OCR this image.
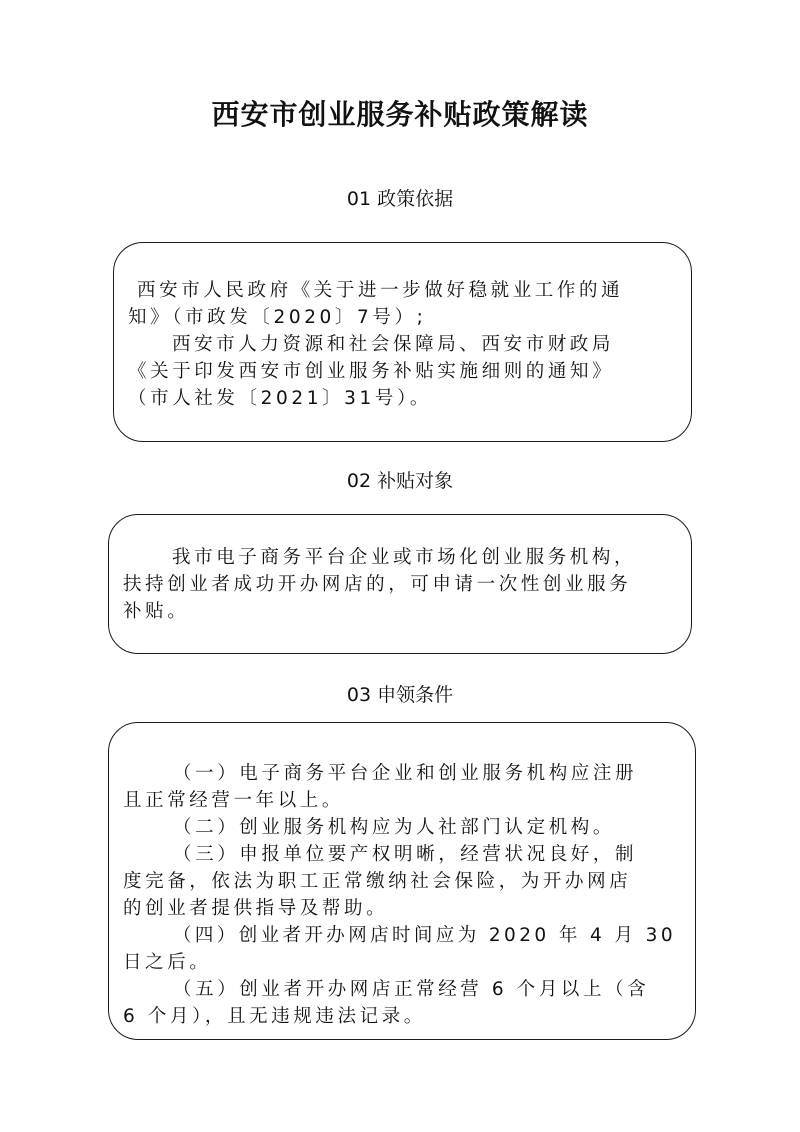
西安市创业服务补贴政策解读
01 政策依据

西安市人民政府《关于进一步做好稳就业工作的通

知》（市政发〔2020〕7号）;

西安市人力资源和社会保障局、西安市财政局

《关于印发西安市创业服务补贴实施细则的通知》

（市人社发〔2021〕31号）。

02 补贴对象

我市电子商务平台企业或市场化创业服务机构，

扶持创业者成功开办网店的，可申请一次性创业服务

补贴。

03 申领条件

（一）电子商务平台企业和创业服务机构应注册

且正常经营一年以上。

（二）创业服务机构应为人社部门认定机构。

（三）申报单位要产权明晰，经营状况良好，制

度完备，依法为职工正常缴纳社会保险，为开办网店

的创业者提供指导及帮助。

（四）创业者开办网店时间应为 2020 年 4 月 30

日之后。

（五）创业者开办网店正常经营 6 个月以上（含

6 个月），且无违规违法记录。
